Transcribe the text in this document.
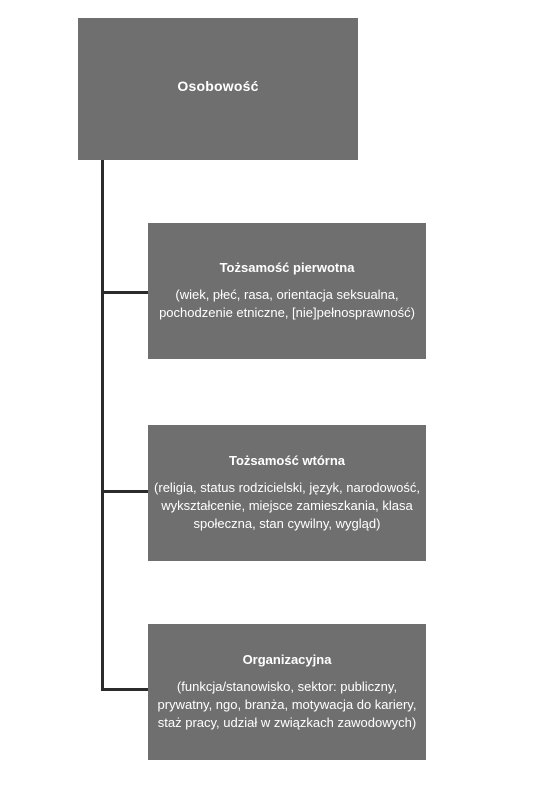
Osobowość
Tożsamość pierwotna
(wiek, płeć, rasa, orientacja seksualna, pochodzenie etniczne, [nie]pełnosprawność)
Tożsamość wtórna
(religia, status rodzicielski, język, narodowość, wykształcenie, miejsce zamieszkania, klasa społeczna, stan cywilny, wygląd)
Organizacyjna
(funkcja/stanowisko, sektor: publiczny, prywatny, ngo, branża, motywacja do kariery, staż pracy, udział w związkach zawodowych)
